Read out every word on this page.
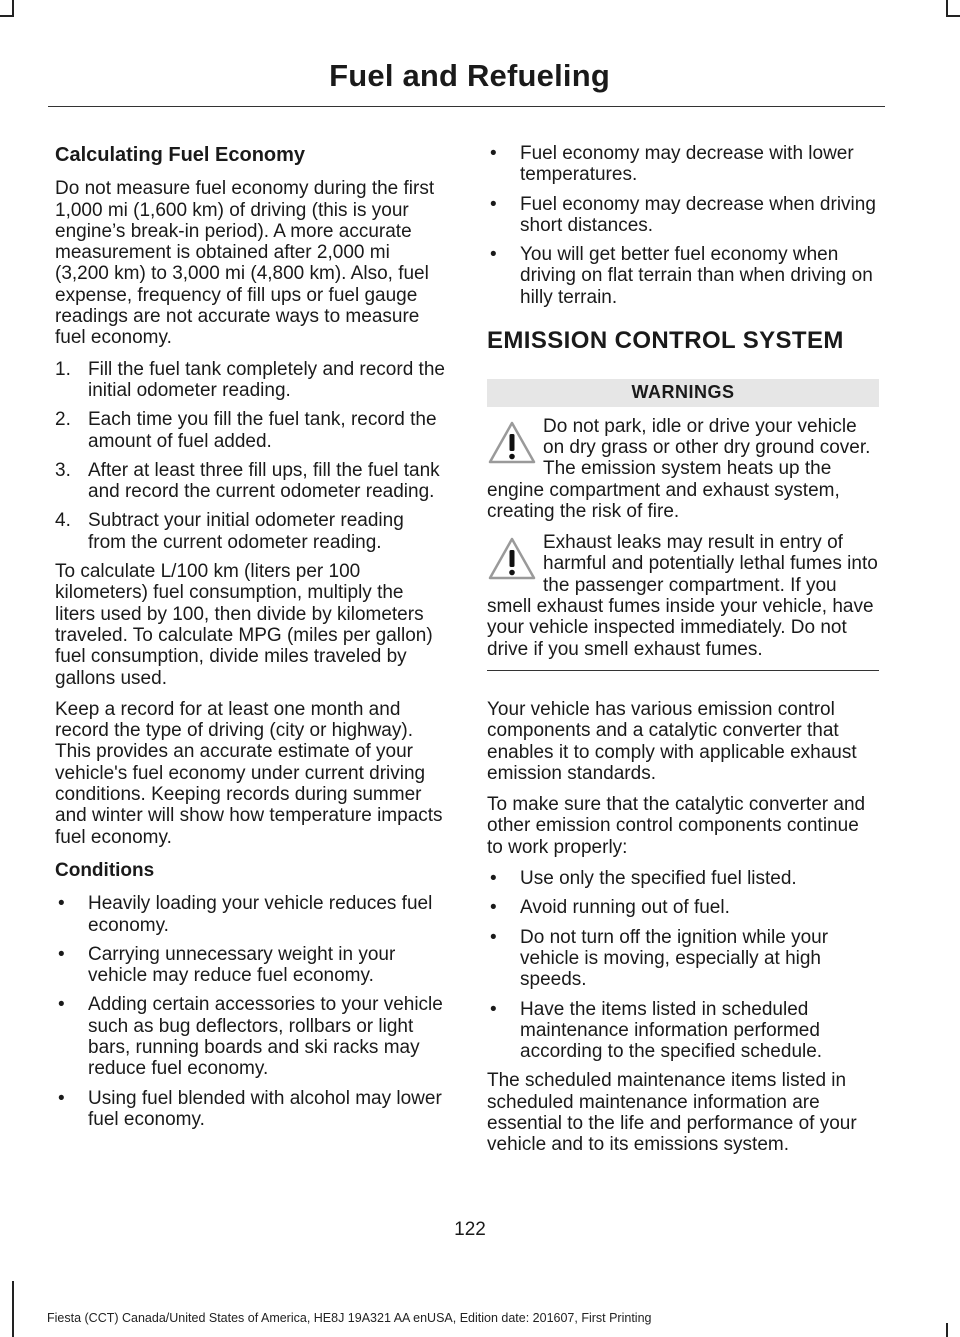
Fuel and Refueling
Calculating Fuel Economy

Do not measure fuel economy during the first 1,000 mi (1,600 km) of driving (this is your engine’s break-in period). A more accurate measurement is obtained after 2,000 mi (3,200 km) to 3,000 mi (4,800 km). Also, fuel expense, frequency of fill ups or fuel gauge readings are not accurate ways to measure fuel economy.

1. Fill the fuel tank completely and record the initial odometer reading.
2. Each time you fill the fuel tank, record the amount of fuel added.
3. After at least three fill ups, fill the fuel tank and record the current odometer reading.
4. Subtract your initial odometer reading from the current odometer reading.

To calculate L/100 km (liters per 100 kilometers) fuel consumption, multiply the liters used by 100, then divide by kilometers traveled. To calculate MPG (miles per gallon) fuel consumption, divide miles traveled by gallons used.

Keep a record for at least one month and record the type of driving (city or highway). This provides an accurate estimate of your vehicle's fuel economy under current driving conditions. Keeping records during summer and winter will show how temperature impacts fuel economy.

Conditions
• Heavily loading your vehicle reduces fuel economy.
• Carrying unnecessary weight in your vehicle may reduce fuel economy.
• Adding certain accessories to your vehicle such as bug deflectors, rollbars or light bars, running boards and ski racks may reduce fuel economy.
• Using fuel blended with alcohol may lower fuel economy.
• Fuel economy may decrease with lower temperatures.
• Fuel economy may decrease when driving short distances.
• You will get better fuel economy when driving on flat terrain than when driving on hilly terrain.
EMISSION CONTROL SYSTEM
WARNINGS
Do not park, idle or drive your vehicle on dry grass or other dry ground cover. The emission system heats up the engine compartment and exhaust system, creating the risk of fire.
Exhaust leaks may result in entry of harmful and potentially lethal fumes into the passenger compartment. If you smell exhaust fumes inside your vehicle, have your vehicle inspected immediately. Do not drive if you smell exhaust fumes.

Your vehicle has various emission control components and a catalytic converter that enables it to comply with applicable exhaust emission standards.

To make sure that the catalytic converter and other emission control components continue to work properly:

• Use only the specified fuel listed.
• Avoid running out of fuel.
• Do not turn off the ignition while your vehicle is moving, especially at high speeds.
• Have the items listed in scheduled maintenance information performed according to the specified schedule.

The scheduled maintenance items listed in scheduled maintenance information are essential to the life and performance of your vehicle and to its emissions system.

122
Fiesta (CCT) Canada/United States of America, HE8J 19A321 AA enUSA, Edition date: 201607, First Printing
